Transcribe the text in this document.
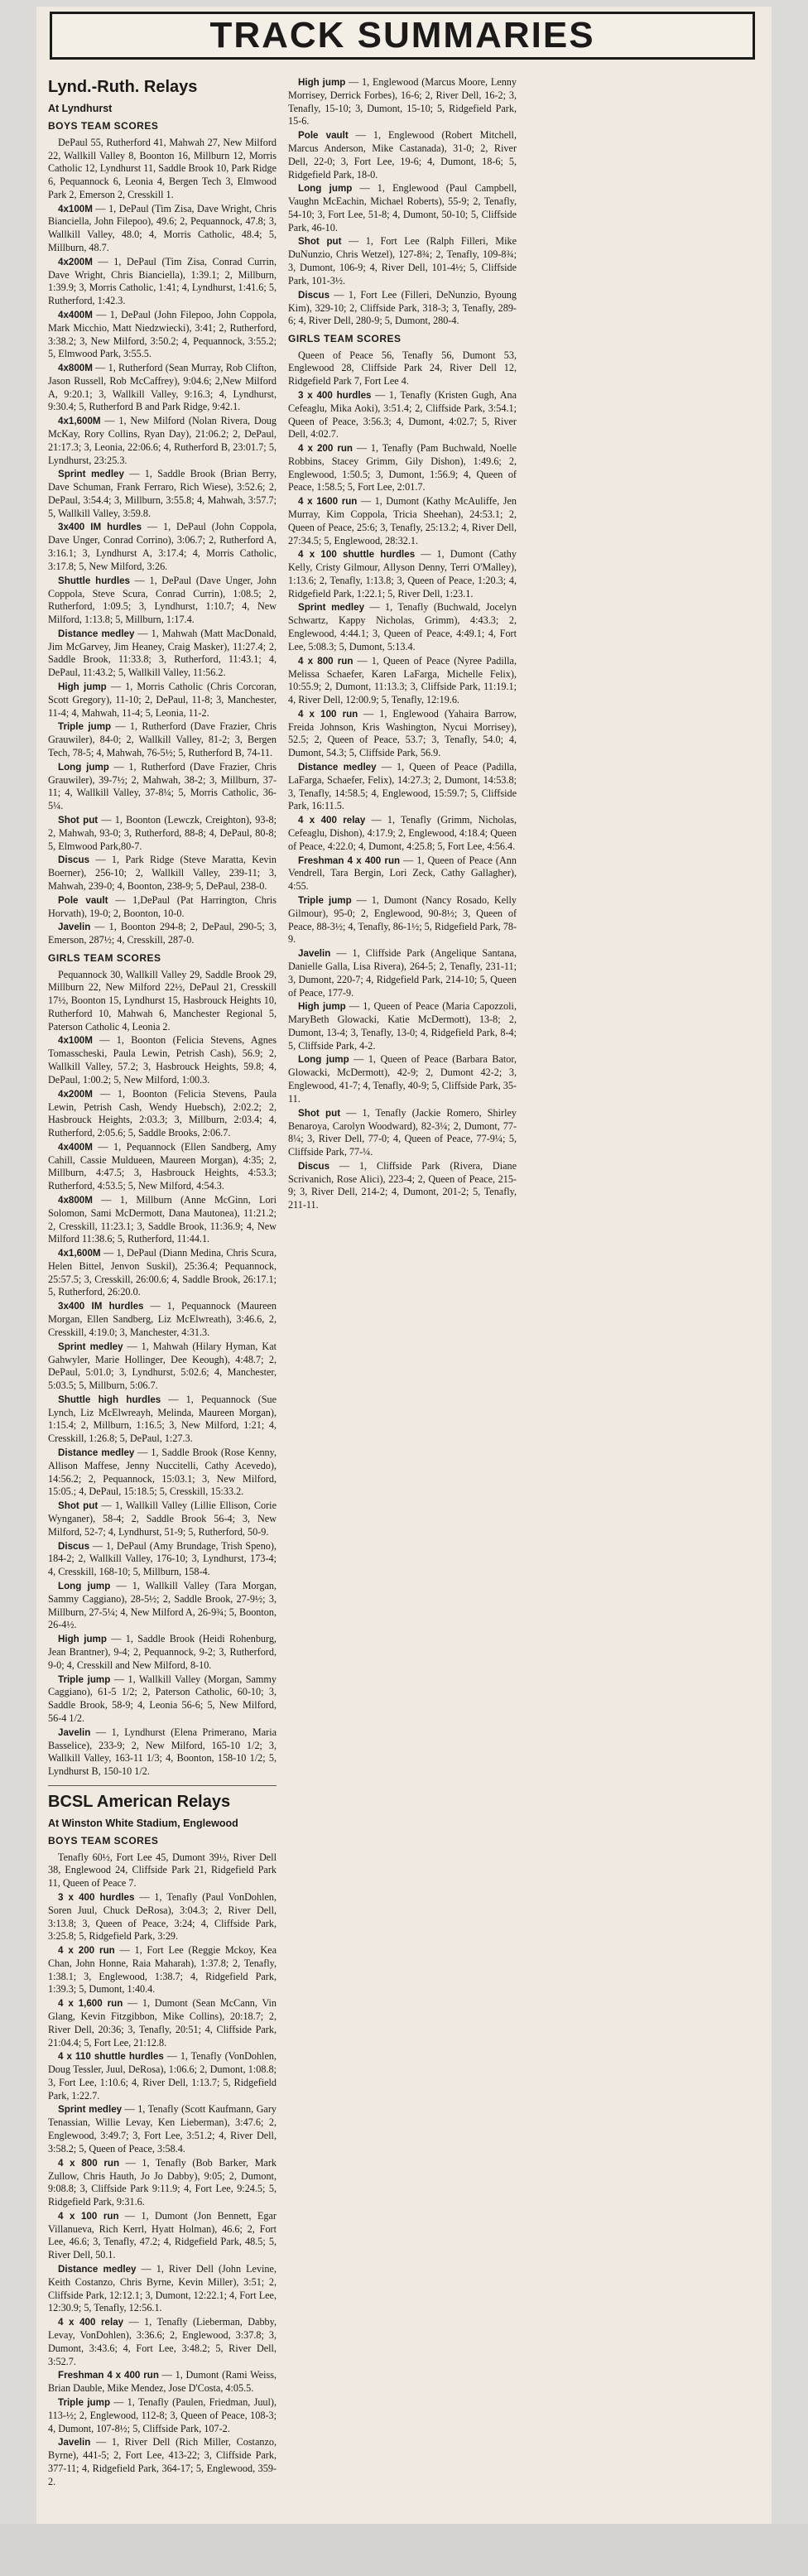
TRACK SUMMARIES
Lynd.-Ruth. Relays
At Lyndhurst
BOYS TEAM SCORES

DePaul 55, Rutherford 41, Mahwah 27, New Milford 22, Wallkill Valley 8, Boonton 16, Millburn 12, Morris Catholic 12, Lyndhurst 11, Saddle Brook 10, Park Ridge 6, Pequannock 6, Leonia 4, Bergen Tech 3, Elmwood Park 2, Emerson 2, Cresskill 1.

4x100M — 1, DePaul (Tim Zisa, Dave Wright, Chris Bianciella, John Filepoo), 49.6; 2, Pequannock, 47.8; 3, Wallkill Valley, 48.0; 4, Morris Catholic, 48.4; 5, Millburn, 48.7.

4x200M — 1, DePaul (Tim Zisa, Conrad Currin, Dave Wright, Chris Bianciella), 1:39.1; 2, Millburn, 1:39.9; 3, Morris Catholic, 1:41; 4, Lyndhurst, 1:41.6; 5, Rutherford, 1:42.3.

4x400M — 1, DePaul (John Filepoo, John Coppola, Mark Micchio, Matt Niedzwiecki), 3:41; 2, Rutherford, 3:38.2; 3, New Milford, 3:50.2; 4, Pequannock, 3:55.2; 5, Elmwood Park, 3:55.5.

4x800M — 1, Rutherford (Sean Murray, Rob Clifton, Jason Russell, Rob McCaffrey), 9:04.6; 2,New Milford A, 9:20.1; 3, Wallkill Valley, 9:16.3; 4, Lyndhurst, 9:30.4; 5, Rutherford B and Park Ridge, 9:42.1.

4x1,600M — 1, New Milford (Nolan Rivera, Doug McKay, Rory Collins, Ryan Day), 21:06.2; 2, DePaul, 21:17.3; 3, Leonia, 22:06.6; 4, Rutherford B, 23:01.7; 5, Lyndhurst, 23:25.3.

Sprint medley — 1, Saddle Brook (Brian Berry, Dave Schuman, Frank Ferraro, Rich Wiese), 3:52.6; 2, DePaul, 3:54.4; 3, Millburn, 3:55.8; 4, Mahwah, 3:57.7; 5, Wallkill Valley, 3:59.8.

3x400 IM hurdles — 1, DePaul (John Coppola, Dave Unger, Conrad Corrino), 3:06.7; 2, Rutherford A, 3:16.1; 3, Lyndhurst A, 3:17.4; 4, Morris Catholic, 3:17.8; 5, New Milford, 3:26.

Shuttle hurdles — 1, DePaul (Dave Unger, John Coppola, Steve Scura, Conrad Currin), 1:08.5; 2, Rutherford, 1:09.5; 3, Lyndhurst, 1:10.7; 4, New Milford, 1:13.8; 5, Millburn, 1:17.4.

Distance medley — 1, Mahwah (Matt MacDonald, Jim McGarvey, Jim Heaney, Craig Masker), 11:27.4; 2, Saddle Brook, 11:33.8; 3, Rutherford, 11:43.1; 4, DePaul, 11:43.2; 5, Wallkill Valley, 11:56.2.

High jump — 1, Morris Catholic (Chris Corcoran, Scott Gregory), 11-10; 2, DePaul, 11-8; 3, Manchester, 11-4; 4, Mahwah, 11-4; 5, Leonia, 11-2.

Triple jump — 1, Rutherford (Dave Frazier, Chris Grauwiler), 84-0; 2, Wallkill Valley, 81-2; 3, Bergen Tech, 78-5; 4, Mahwah, 76-5½; 5, Rutherford B, 74-11.

Long jump — 1, Rutherford (Dave Frazier, Chris Grauwiler), 39-7½; 2, Mahwah, 38-2; 3, Millburn, 37-11; 4, Wallkill Valley, 37-8¼; 5, Morris Catholic, 36-5¼.

Shot put — 1, Boonton (Lewczk, Creighton), 93-8; 2, Mahwah, 93-0; 3, Rutherford, 88-8; 4, DePaul, 80-8; 5, Elmwood Park,80-7.

Discus — 1, Park Ridge (Steve Maratta, Kevin Boerner), 256-10; 2, Wallkill Valley, 239-11; 3, Mahwah, 239-0; 4, Boonton, 238-9; 5, DePaul, 238-0.

Pole vault — 1,DePaul (Pat Harrington, Chris Horvath), 19-0; 2, Boonton, 10-0.

Javelin — 1, Boonton 294-8; 2, DePaul, 290-5; 3, Emerson, 287½; 4, Cresskill, 287-0.

GIRLS TEAM SCORES

Pequannock 30, Wallkill Valley 29, Saddle Brook 29, Millburn 22, New Milford 22½, DePaul 21, Cresskill 17½, Boonton 15, Lyndhurst 15, Hasbrouck Heights 10, Rutherford 10, Mahwah 6, Manchester Regional 5, Paterson Catholic 4, Leonia 2.

4x100M — 1, Boonton (Felicia Stevens, Agnes Tomasscheski, Paula Lewin, Petrish Cash), 56.9; 2, Wallkill Valley, 57.2; 3, Hasbrouck Heights, 59.8; 4, DePaul, 1:00.2; 5, New Milford, 1:00.3.

4x200M — 1, Boonton (Felicia Stevens, Paula Lewin, Petrish Cash, Wendy Huebsch), 2:02.2; 2, Hasbrouck Heights, 2:03.3; 3, Millburn, 2:03.4; 4, Rutherford, 2:05.6; 5, Saddle Brooks, 2:06.7.

4x400M — 1, Pequannock (Ellen Sandberg, Amy Cahill, Cassie Muldueen, Maureen Morgan), 4:35; 2, Millburn, 4:47.5; 3, Hasbrouck Heights, 4:53.3; Rutherford, 4:53.5; 5, New Milford, 4:54.3.

4x800M — 1, Millburn (Anne McGinn, Lori Solomon, Sami McDermott, Dana Mautonea), 11:21.2; 2, Cresskill, 11:23.1; 3, Saddle Brook, 11:36.9; 4, New Milford 11:38.6; 5, Rutherford, 11:44.1.

4x1,600M — 1, DePaul (Diann Medina, Chris Scura, Helen Bittel, Jenvon Suskil), 25:36.4; Pequannock, 25:57.5; 3, Cresskill, 26:00.6; 4, Saddle Brook, 26:17.1; 5, Rutherford, 26:20.0.

3x400 IM hurdles — 1, Pequannock (Maureen Morgan, Ellen Sandberg, Liz McElwreath), 3:46.6, 2, Cresskill, 4:19.0; 3, Manchester, 4:31.3.

Sprint medley — 1, Mahwah (Hilary Hyman, Kat Gahwyler, Marie Hollinger, Dee Keough), 4:48.7; 2, DePaul, 5:01.0; 3, Lyndhurst, 5:02.6; 4, Manchester, 5:03.5; 5, Millburn, 5:06.7.

Shuttle high hurdles — 1, Pequannock (Sue Lynch, Liz McElwreayh, Melinda, Maureen Morgan), 1:15.4; 2, Millburn, 1:16.5; 3, New Milford, 1:21; 4, Cresskill, 1:26.8; 5, DePaul, 1:27.3.

Distance medley — 1, Saddle Brook (Rose Kenny, Allison Maffese, Jenny Nuccitelli, Cathy Acevedo), 14:56.2; 2, Pequannock, 15:03.1; 3, New Milford, 15:05.; 4, DePaul, 15:18.5; 5, Cresskill, 15:33.2.

Shot put — 1, Wallkill Valley (Lillie Ellison, Corie Wynganer), 58-4; 2, Saddle Brook 56-4; 3, New Milford, 52-7; 4, Lyndhurst, 51-9; 5, Rutherford, 50-9.

Discus — 1, DePaul (Amy Brundage, Trish Speno), 184-2; 2, Wallkill Valley, 176-10; 3, Lyndhurst, 173-4; 4, Cresskill, 168-10; 5, Millburn, 158-4.

Long jump — 1, Wallkill Valley (Tara Morgan, Sammy Caggiano), 28-5½; 2, Saddle Brook, 27-9½; 3, Millburn, 27-5¼; 4, New Milford A, 26-9¾; 5, Boonton, 26-4½.

High jump — 1, Saddle Brook (Heidi Rohenburg, Jean Brantner), 9-4; 2, Pequannock, 9-2; 3, Rutherford, 9-0; 4, Cresskill and New Milford, 8-10.

Triple jump — 1, Wallkill Valley (Morgan, Sammy Caggiano), 61-5 1/2; 2, Paterson Catholic, 60-10; 3, Saddle Brook, 58-9; 4, Leonia 56-6; 5, New Milford, 56-4 1/2.

Javelin — 1, Lyndhurst (Elena Primerano, Maria Basselice), 233-9; 2, New Milford, 165-10 1/2; 3, Wallkill Valley, 163-11 1/3; 4, Boonton, 158-10 1/2; 5, Lyndhurst B, 150-10 1/2.

BCSL American Relays
At Winston White Stadium, Englewood
BOYS TEAM SCORES

Tenafly 60½, Fort Lee 45, Dumont 39½, River Dell 38, Englewood 24, Cliffside Park 21, Ridgefield Park 11, Queen of Peace 7.

3 x 400 hurdles — 1, Tenafly (Paul VonDohlen, Soren Juul, Chuck DeRosa), 3:04.3; 2, River Dell, 3:13.8; 3, Queen of Peace, 3:24; 4, Cliffside Park, 3:25.8; 5, Ridgefield Park, 3:29.

4 x 200 run — 1, Fort Lee (Reggie Mckoy, Kea Chan, John Honne, Raia Maharah), 1:37.8; 2, Tenafly, 1:38.1; 3, Englewood, 1:38.7; 4, Ridgefield Park, 1:39.3; 5, Dumont, 1:40.4.

4 x 1,600 run — 1, Dumont (Sean McCann, Vin Glang, Kevin Fitzgibbon, Mike Collins), 20:18.7; 2, River Dell, 20:36; 3, Tenafly, 20:51; 4, Cliffside Park, 21:04.4; 5, Fort Lee, 21:12.8.

4 x 110 shuttle hurdles — 1, Tenafly (VonDohlen, Doug Tessler, Juul, DeRosa), 1:06.6; 2, Dumont, 1:08.8; 3, Fort Lee, 1:10.6; 4, River Dell, 1:13.7; 5, Ridgefield Park, 1:22.7.

Sprint medley — 1, Tenafly (Scott Kaufmann, Gary Tenassian, Willie Levay, Ken Lieberman), 3:47.6; 2, Englewood, 3:49.7; 3, Fort Lee, 3:51.2; 4, River Dell, 3:58.2; 5, Queen of Peace, 3:58.4.

4 x 800 run — 1, Tenafly (Bob Barker, Mark Zullow, Chris Hauth, Jo Jo Dabby), 9:05; 2, Dumont, 9:08.8; 3, Cliffside Park 9:11.9; 4, Fort Lee, 9:24.5; 5, Ridgefield Park, 9:31.6.

4 x 100 run — 1, Dumont (Jon Bennett, Egar Villanueva, Rich Kerrl, Hyatt Holman), 46.6; 2, Fort Lee, 46.6; 3, Tenafly, 47.2; 4, Ridgefield Park, 48.5; 5, River Dell, 50.1.

Distance medley — 1, River Dell (John Levine, Keith Costanzo, Chris Byrne, Kevin Miller), 3:51; 2, Cliffside Park, 12:12.1; 3, Dumont, 12:22.1; 4, Fort Lee, 12:30.9; 5, Tenafly, 12:56.1.

4 x 400 relay — 1, Tenafly (Lieberman, Dabby, Levay, VonDohlen), 3:36.6; 2, Englewood, 3:37.8; 3, Dumont, 3:43.6; 4, Fort Lee, 3:48.2; 5, River Dell, 3:52.7.

Freshman 4 x 400 run — 1, Dumont (Rami Weiss, Brian Dauble, Mike Mendez, Jose D'Costa, 4:05.5.

Triple jump — 1, Tenafly (Paulen, Friedman, Juul), 113-½; 2, Englewood, 112-8; 3, Queen of Peace, 108-3; 4, Dumont, 107-8½; 5, Cliffside Park, 107-2.

Javelin — 1, River Dell (Rich Miller, Costanzo, Byrne), 441-5; 2, Fort Lee, 413-22; 3, Cliffside Park, 377-11; 4, Ridgefield Park, 364-17; 5, Englewood, 359-2.

High jump — 1, Englewood (Marcus Moore, Lenny Morrisey, Derrick Forbes), 16-6; 2, River Dell, 16-2; 3, Tenafly, 15-10; 3, Dumont, 15-10; 5, Ridgefield Park, 15-6.

Pole vault — 1, Englewood (Robert Mitchell, Marcus Anderson, Mike Castanada), 31-0; 2, River Dell, 22-0; 3, Fort Lee, 19-6; 4, Dumont, 18-6; 5, Ridgefield Park, 18-0.

Long jump — 1, Englewood (Paul Campbell, Vaughn McEachin, Michael Roberts), 55-9; 2, Tenafly, 54-10; 3, Fort Lee, 51-8; 4, Dumont, 50-10; 5, Cliffside Park, 46-10.

Shot put — 1, Fort Lee (Ralph Filleri, Mike DuNunzio, Chris Wetzel), 127-8¾; 2, Tenafly, 109-8¾; 3, Dumont, 106-9; 4, River Dell, 101-4½; 5, Cliffside Park, 101-3½.

Discus — 1, Fort Lee (Filleri, DeNunzio, Byoung Kim), 329-10; 2, Cliffside Park, 318-3; 3, Tenafly, 289-6; 4, River Dell, 280-9; 5, Dumont, 280-4.

GIRLS TEAM SCORES

Queen of Peace 56, Tenafly 56, Dumont 53, Englewood 28, Cliffside Park 24, River Dell 12, Ridgefield Park 7, Fort Lee 4.

3 x 400 hurdles — 1, Tenafly (Kristen Gugh, Ana Cefeaglu, Mika Aoki), 3:51.4; 2, Cliffside Park, 3:54.1; Queen of Peace, 3:56.3; 4, Dumont, 4:02.7; 5, River Dell, 4:02.7.

4 x 200 run — 1, Tenafly (Pam Buchwald, Noelle Robbins, Stacey Grimm, Gily Dishon), 1:49.6; 2, Englewood, 1:50.5; 3, Dumont, 1:56.9; 4, Queen of Peace, 1:58.5; 5, Fort Lee, 2:01.7.

4 x 1600 run — 1, Dumont (Kathy McAuliffe, Jen Murray, Kim Coppola, Tricia Sheehan), 24:53.1; 2, Queen of Peace, 25:6; 3, Tenafly, 25:13.2; 4, River Dell, 27:34.5; 5, Englewood, 28:32.1.

4 x 100 shuttle hurdles — 1, Dumont (Cathy Kelly, Cristy Gilmour, Allyson Denny, Terri O'Malley), 1:13.6; 2, Tenafly, 1:13.8; 3, Queen of Peace, 1:20.3; 4, Ridgefield Park, 1:22.1; 5, River Dell, 1:23.1.

Sprint medley — 1, Tenafly (Buchwald, Jocelyn Schwartz, Kappy Nicholas, Grimm), 4:43.3; 2, Englewood, 4:44.1; 3, Queen of Peace, 4:49.1; 4, Fort Lee, 5:08.3; 5, Dumont, 5:13.4.

4 x 800 run — 1, Queen of Peace (Nyree Padilla, Melissa Schaefer, Karen LaFarga, Michelle Felix), 10:55.9; 2, Dumont, 11:13.3; 3, Cliffside Park, 11:19.1; 4, River Dell, 12:00.9; 5, Tenafly, 12:19.6.

4 x 100 run — 1, Englewood (Yahaira Barrow, Freida Johnson, Kris Washington, Nycui Morrisey), 52.5; 2, Queen of Peace, 53.7; 3, Tenafly, 54.0; 4, Dumont, 54.3; 5, Cliffside Park, 56.9.

Distance medley — 1, Queen of Peace (Padilla, LaFarga, Schaefer, Felix), 14:27.3; 2, Dumont, 14:53.8; 3, Tenafly, 14:58.5; 4, Englewood, 15:59.7; 5, Cliffside Park, 16:11.5.

4 x 400 relay — 1, Tenafly (Grimm, Nicholas, Cefeaglu, Dishon), 4:17.9; 2, Englewood, 4:18.4; Queen of Peace, 4:22.0; 4, Dumont, 4:25.8; 5, Fort Lee, 4:56.4.

Freshman 4 x 400 run — 1, Queen of Peace (Ann Vendrell, Tara Bergin, Lori Zeck, Cathy Gallagher), 4:55.

Triple jump — 1, Dumont (Nancy Rosado, Kelly Gilmour), 95-0; 2, Englewood, 90-8½; 3, Queen of Peace, 88-3½; 4, Tenafly, 86-1½; 5, Ridgefield Park, 78-9.

Javelin — 1, Cliffside Park (Angelique Santana, Danielle Galla, Lisa Rivera), 264-5; 2, Tenafly, 231-11; 3, Dumont, 220-7; 4, Ridgefield Park, 214-10; 5, Queen of Peace, 177-9.

High jump — 1, Queen of Peace (Maria Capozzoli, MaryBeth Glowacki, Katie McDermott), 13-8; 2, Dumont, 13-4; 3, Tenafly, 13-0; 4, Ridgefield Park, 8-4; 5, Cliffside Park, 4-2.

Long jump — 1, Queen of Peace (Barbara Bator, Glowacki, McDermott), 42-9; 2, Dumont 42-2; 3, Englewood, 41-7; 4, Tenafly, 40-9; 5, Cliffside Park, 35-11.

Shot put — 1, Tenafly (Jackie Romero, Shirley Benaroya, Carolyn Woodward), 82-3¼; 2, Dumont, 77-8¼; 3, River Dell, 77-0; 4, Queen of Peace, 77-9¼; 5, Cliffside Park, 77-¼.

Discus — 1, Cliffside Park (Rivera, Diane Scrivanich, Rose Alici), 223-4; 2, Queen of Peace, 215-9; 3, River Dell, 214-2; 4, Dumont, 201-2; 5, Tenafly, 211-11.
